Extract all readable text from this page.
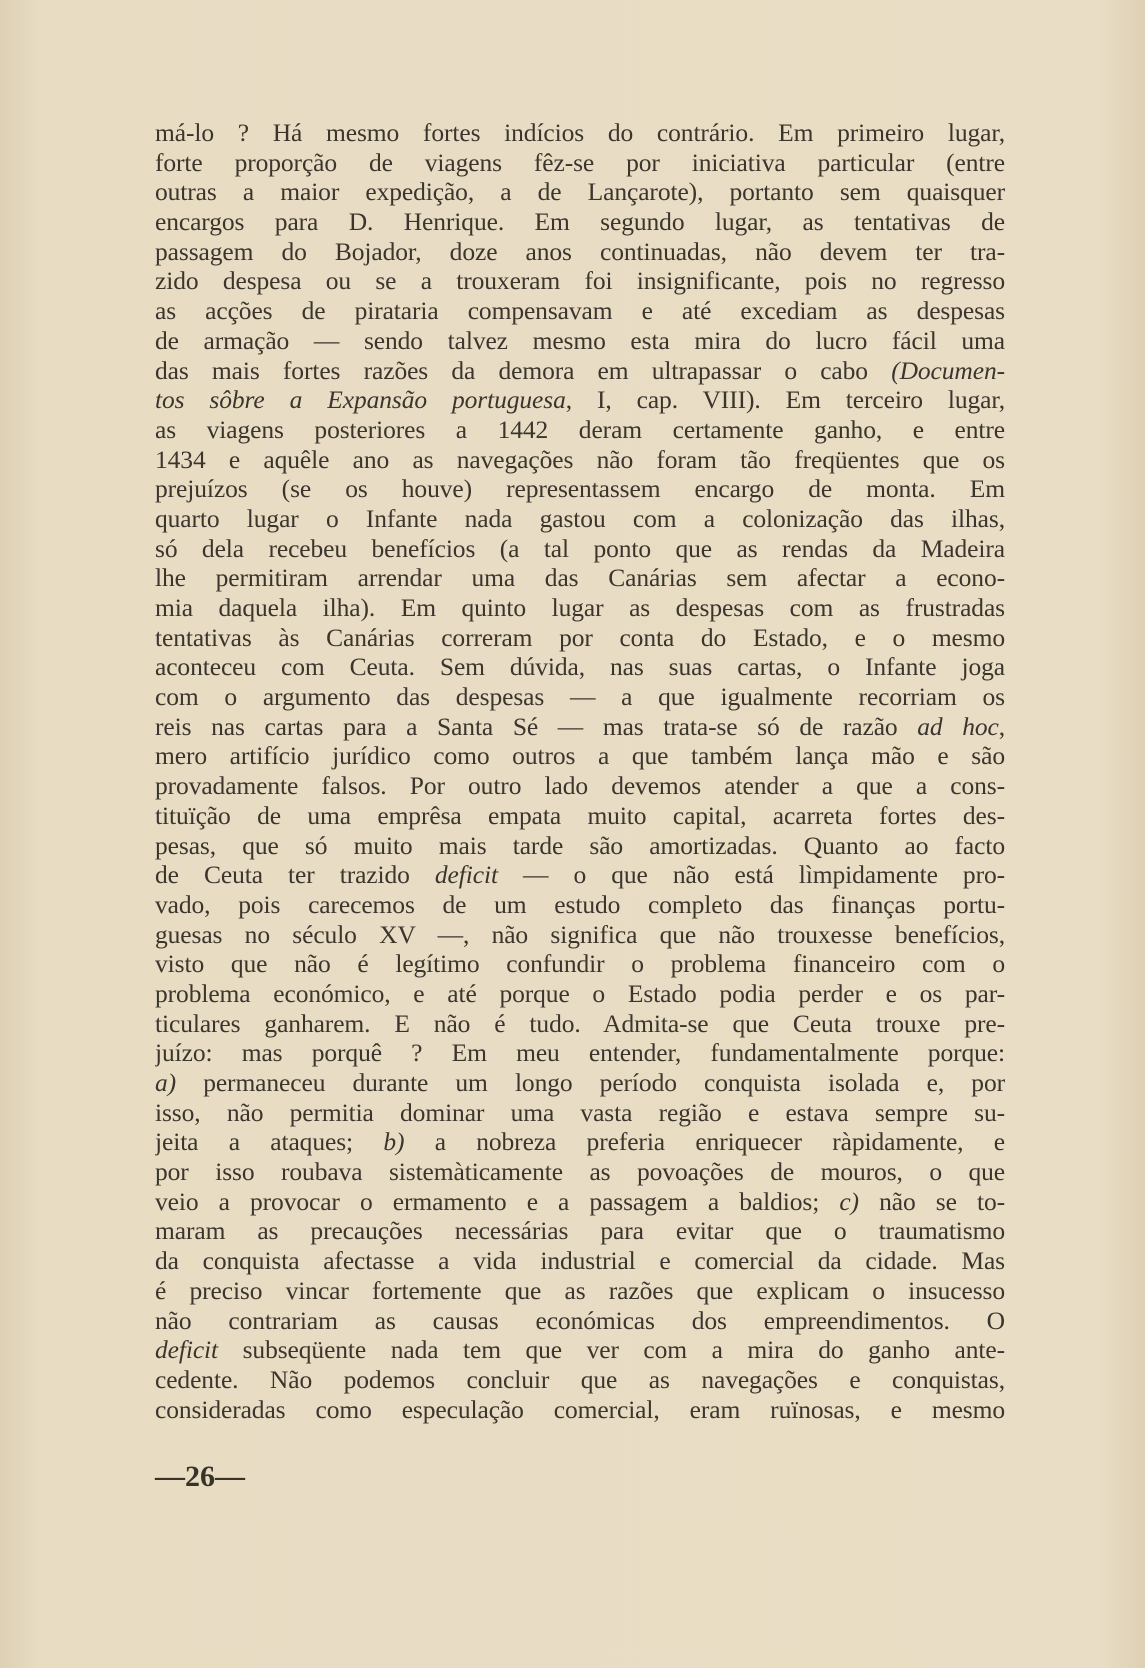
má-lo ? Há mesmo fortes indícios do contrário. Em primeiro lugar,
forte proporção de viagens fêz-se por iniciativa particular (entre
outras a maior expedição, a de Lançarote), portanto sem quaisquer
encargos para D. Henrique. Em segundo lugar, as tentativas de
passagem do Bojador, doze anos continuadas, não devem ter tra-
zido despesa ou se a trouxeram foi insignificante, pois no regresso
as acções de pirataria compensavam e até excediam as despesas
de armação — sendo talvez mesmo esta mira do lucro fácil uma
das mais fortes razões da demora em ultrapassar o cabo (Documen-
tos sôbre a Expansão portuguesa, I, cap. VIII). Em terceiro lugar,
as viagens posteriores a 1442 deram certamente ganho, e entre
1434 e aquêle ano as navegações não foram tão freqüentes que os
prejuízos (se os houve) representassem encargo de monta. Em
quarto lugar o Infante nada gastou com a colonização das ilhas,
só dela recebeu benefícios (a tal ponto que as rendas da Madeira
lhe permitiram arrendar uma das Canárias sem afectar a econo-
mia daquela ilha). Em quinto lugar as despesas com as frustradas
tentativas às Canárias correram por conta do Estado, e o mesmo
aconteceu com Ceuta. Sem dúvida, nas suas cartas, o Infante joga
com o argumento das despesas — a que igualmente recorriam os
reis nas cartas para a Santa Sé — mas trata-se só de razão ad hoc,
mero artifício jurídico como outros a que também lança mão e são
provadamente falsos. Por outro lado devemos atender a que a cons-
tituïção de uma emprêsa empata muito capital, acarreta fortes des-
pesas, que só muito mais tarde são amortizadas. Quanto ao facto
de Ceuta ter trazido deficit — o que não está lìmpidamente pro-
vado, pois carecemos de um estudo completo das finanças portu-
guesas no século XV —, não significa que não trouxesse benefícios,
visto que não é legítimo confundir o problema financeiro com o
problema económico, e até porque o Estado podia perder e os par-
ticulares ganharem. E não é tudo. Admita-se que Ceuta trouxe pre-
juízo: mas porquê ? Em meu entender, fundamentalmente porque:
a) permaneceu durante um longo período conquista isolada e, por
isso, não permitia dominar uma vasta região e estava sempre su-
jeita a ataques; b) a nobreza preferia enriquecer ràpidamente, e
por isso roubava sistemàticamente as povoações de mouros, o que
veio a provocar o ermamento e a passagem a baldios; c) não se to-
maram as precauções necessárias para evitar que o traumatismo
da conquista afectasse a vida industrial e comercial da cidade. Mas
é preciso vincar fortemente que as razões que explicam o insucesso
não contrariam as causas económicas dos empreendimentos. O
deficit subseqüente nada tem que ver com a mira do ganho ante-
cedente. Não podemos concluir que as navegações e conquistas,
consideradas como especulação comercial, eram ruïnosas, e mesmo
—26—
